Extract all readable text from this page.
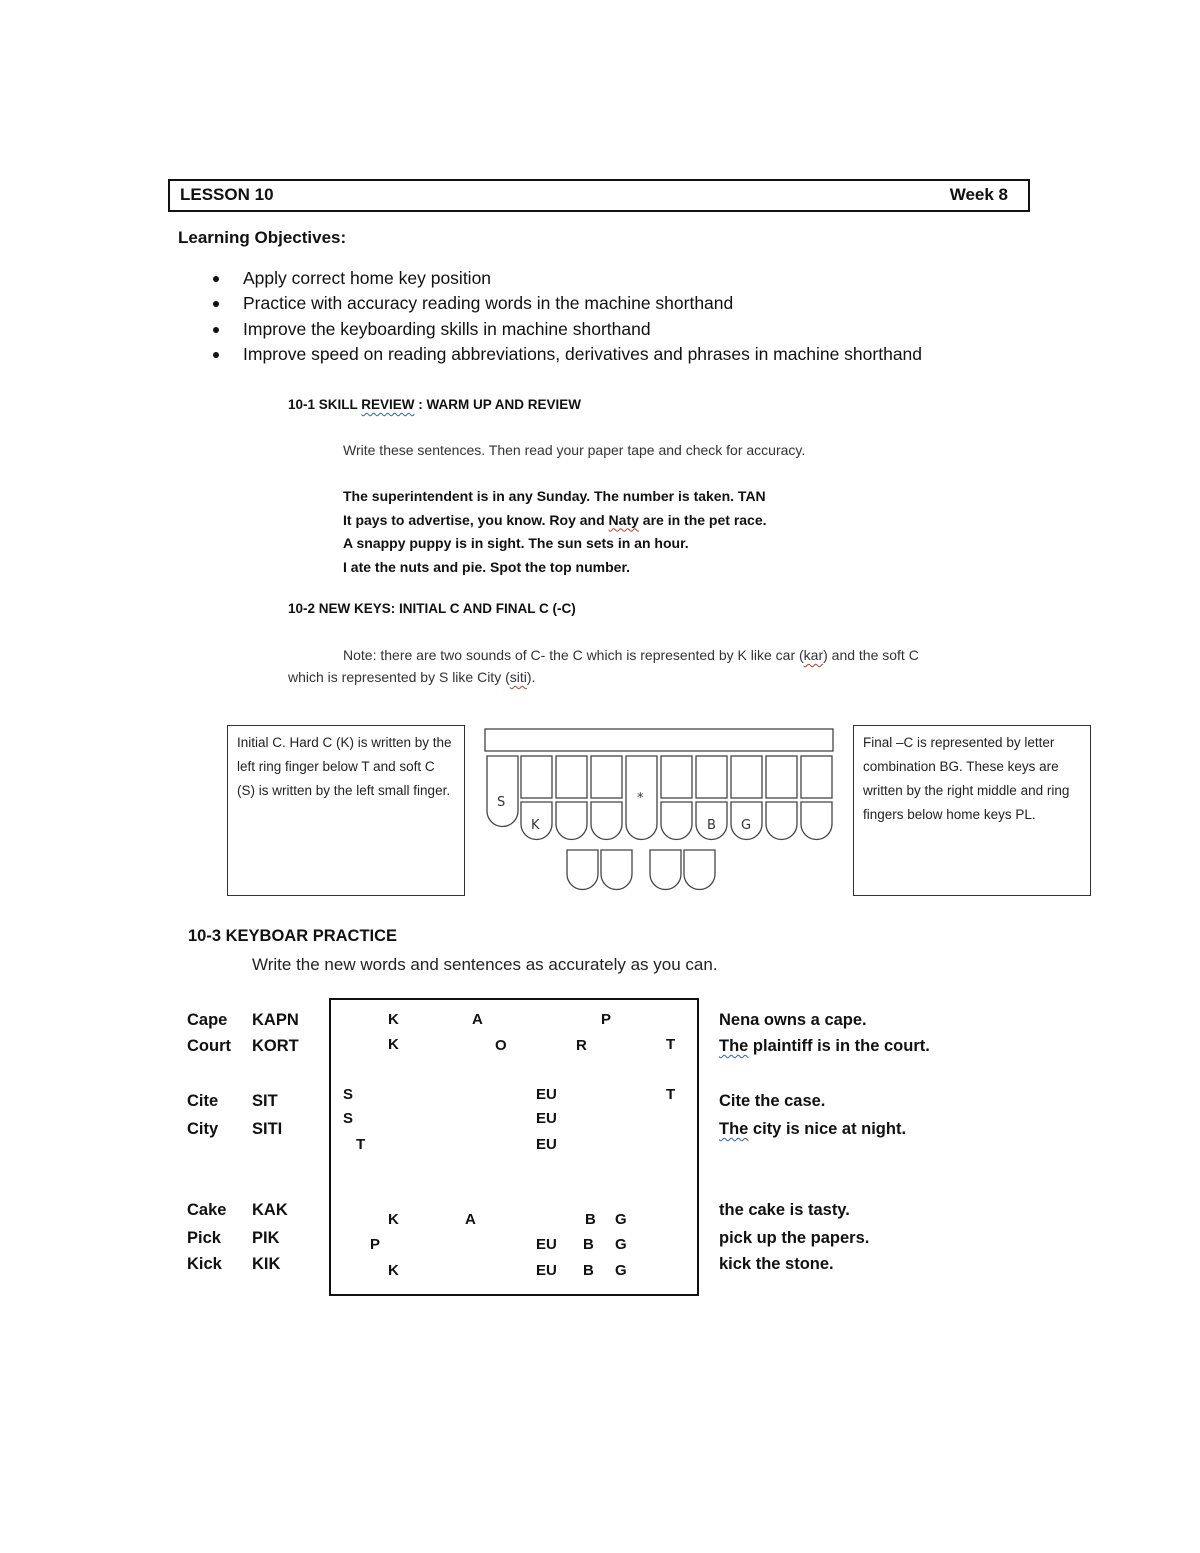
LESSON 10	Week 8
Learning Objectives:
Apply correct home key position
Practice with accuracy reading words in the machine shorthand
Improve the keyboarding skills in machine shorthand
Improve speed on reading abbreviations, derivatives and phrases in machine shorthand
10-1 SKILL REVIEW : WARM UP AND REVIEW
Write these sentences. Then read your paper tape and check for accuracy.
The superintendent is in any Sunday. The number is taken. TAN
It pays to advertise, you know. Roy and Naty are in the pet race.
A snappy puppy is in sight. The sun sets in an hour.
I ate the nuts and pie. Spot the top number.
10-2 NEW KEYS: INITIAL C AND FINAL C (-C)
Note: there are two sounds of C- the C which is represented by K like car (kar) and the soft C
which is represented by S like City (siti).
Initial C. Hard C (K) is written by the left ring finger below T and soft C (S) is written by the left small finger.
S
K
*
B G
Final –C is represented by letter combination BG. These keys are written by the right middle and ring fingers below home keys PL.
10-3 KEYBOAR PRACTICE
Write the new words and sentences as accurately as you can.
Cape KAPN
Court KORT
Cite SIT
City SITI
Cake KAK
Pick PIK
Kick KIK
K	A	P
K	O	R	T
S	EU	T
S	EU
T	EU
K	A	B G
P	EU B G
K	EU B G
Nena owns a cape.
The plaintiff is in the court.
Cite the case.
The city is nice at night.
the cake is tasty.
pick up the papers.
kick the stone.
